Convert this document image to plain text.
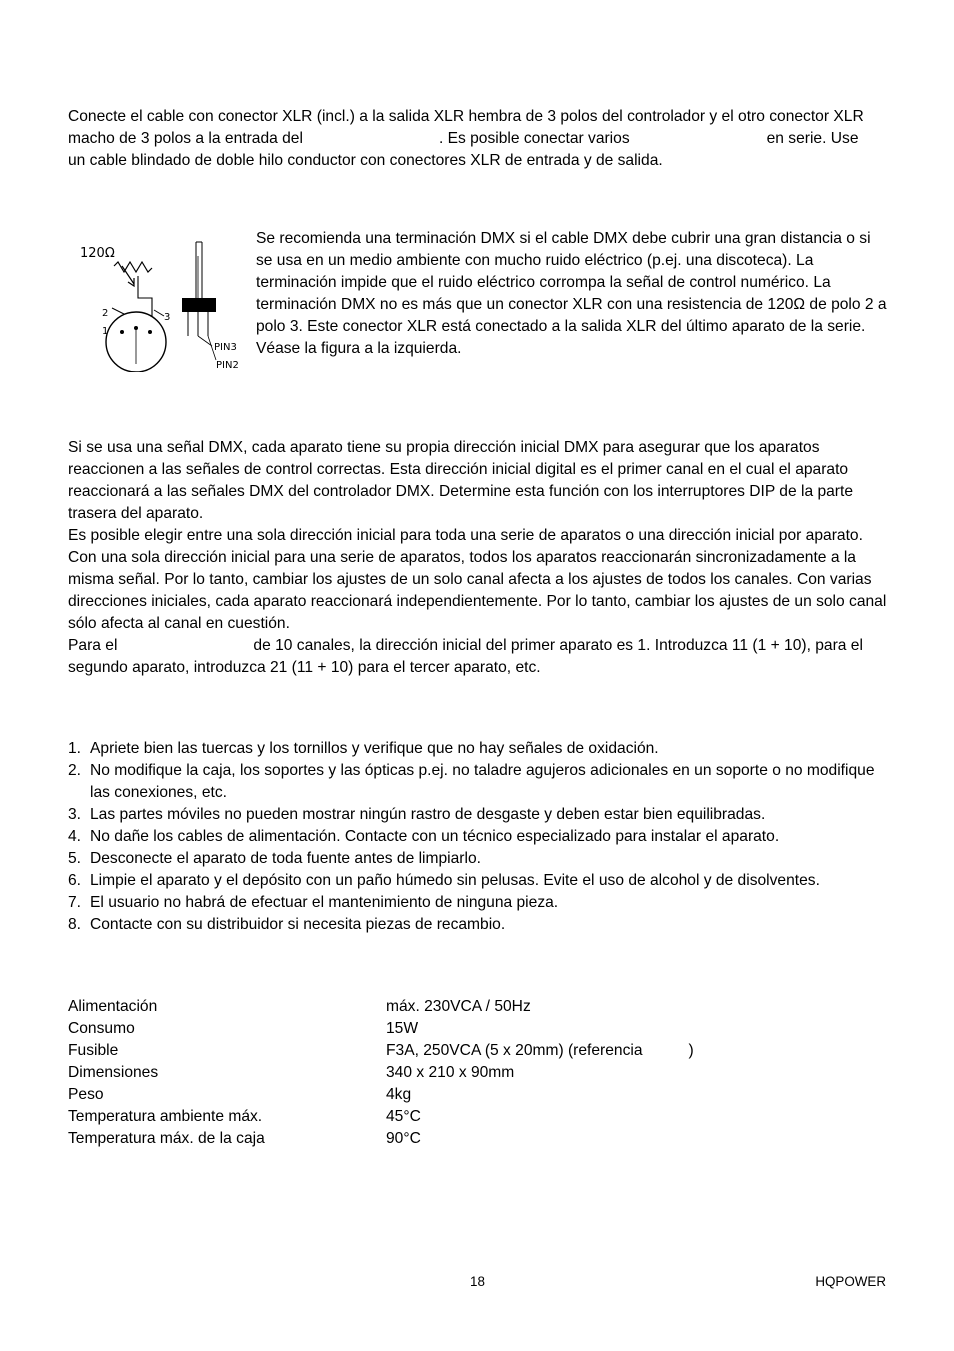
Conecte el cable con conector XLR (incl.) a la salida XLR hembra de 3 polos del controlador y el otro conector XLR
macho de 3 polos a la entrada del	. Es posible conectar varios	en serie. Use
un cable blindado de doble hilo conductor con conectores XLR de entrada y de salida.
120Ω
2
1
3
PIN3
PIN2
Se recomienda una terminación DMX si el cable DMX debe cubrir una gran distancia o si se usa en un medio ambiente con mucho ruido eléctrico (p.ej. una discoteca). La terminación impide que el ruido eléctrico corrompa la señal de control numérico. La terminación DMX no es más que un conector XLR con una resistencia de 120Ω de polo 2 a polo 3. Este conector XLR está conectado a la salida XLR del último aparato de la serie. Véase la figura a la izquierda.
Si se usa una señal DMX, cada aparato tiene su propia dirección inicial DMX para asegurar que los aparatos reaccionen a las señales de control correctas. Esta dirección inicial digital es el primer canal en el cual el aparato reaccionará a las señales DMX del controlador DMX. Determine esta función con los interruptores DIP de la parte trasera del aparato.
Es posible elegir entre una sola dirección inicial para toda una serie de aparatos o una dirección inicial por aparato. Con una sola dirección inicial para una serie de aparatos, todos los aparatos reaccionarán sincronizadamente a la misma señal. Por lo tanto, cambiar los ajustes de un solo canal afecta a los ajustes de todos los canales. Con varias direcciones iniciales, cada aparato reaccionará independientemente. Por lo tanto, cambiar los ajustes de un solo canal sólo afecta al canal en cuestión.
Para el	de 10 canales, la dirección inicial del primer aparato es 1. Introduzca 11 (1 + 10), para el segundo aparato, introduzca 21 (11 + 10) para el tercer aparato, etc.
1. Apriete bien las tuercas y los tornillos y verifique que no hay señales de oxidación.
2. No modifique la caja, los soportes y las ópticas p.ej. no taladre agujeros adicionales en un soporte o no modifique las conexiones, etc.
3. Las partes móviles no pueden mostrar ningún rastro de desgaste y deben estar bien equilibradas.
4. No dañe los cables de alimentación. Contacte con un técnico especializado para instalar el aparato.
5. Desconecte el aparato de toda fuente antes de limpiarlo.
6. Limpie el aparato y el depósito con un paño húmedo sin pelusas. Evite el uso de alcohol y de disolventes.
7. El usuario no habrá de efectuar el mantenimiento de ninguna pieza.
8. Contacte con su distribuidor si necesita piezas de recambio.
Alimentación	máx. 230VCA / 50Hz
Consumo	15W
Fusible	F3A, 250VCA (5 x 20mm) (referencia	)
Dimensiones	340 x 210 x 90mm
Peso	4kg
Temperatura ambiente máx.	45°C
Temperatura máx. de la caja	90°C
18	HQPOWER
